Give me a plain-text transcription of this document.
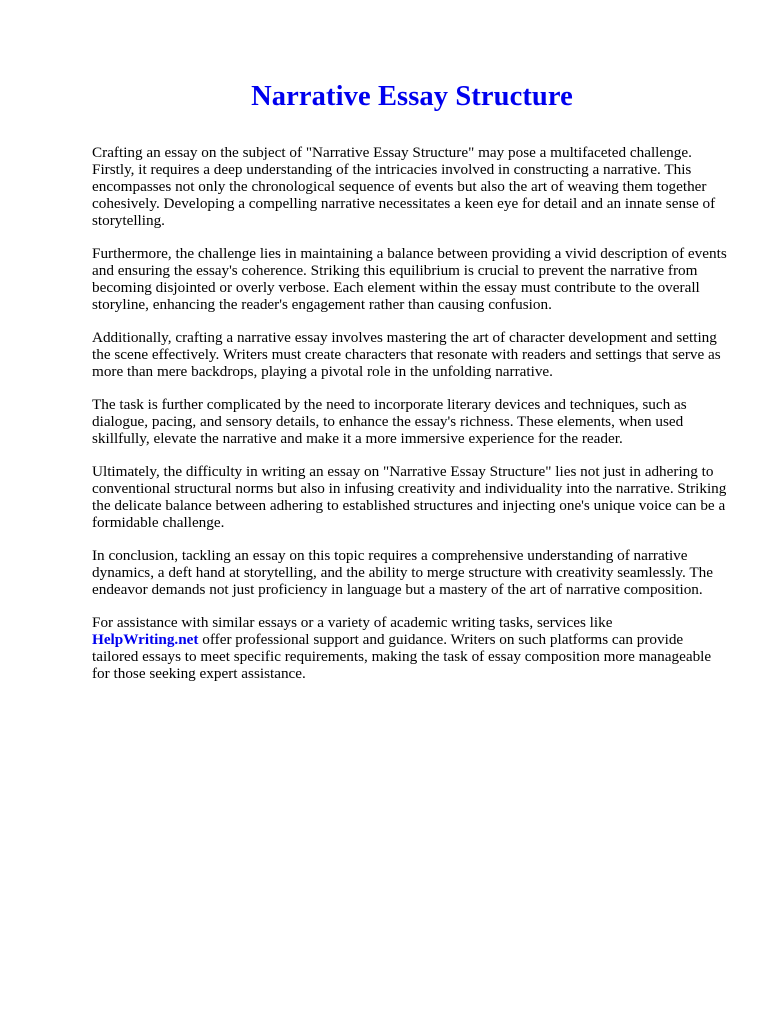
Narrative Essay Structure

Crafting an essay on the subject of "Narrative Essay Structure" may pose a multifaceted challenge. Firstly, it requires a deep understanding of the intricacies involved in constructing a narrative. This encompasses not only the chronological sequence of events but also the art of weaving them together cohesively. Developing a compelling narrative necessitates a keen eye for detail and an innate sense of storytelling.

Furthermore, the challenge lies in maintaining a balance between providing a vivid description of events and ensuring the essay's coherence. Striking this equilibrium is crucial to prevent the narrative from becoming disjointed or overly verbose. Each element within the essay must contribute to the overall storyline, enhancing the reader's engagement rather than causing confusion.

Additionally, crafting a narrative essay involves mastering the art of character development and setting the scene effectively. Writers must create characters that resonate with readers and settings that serve as more than mere backdrops, playing a pivotal role in the unfolding narrative.

The task is further complicated by the need to incorporate literary devices and techniques, such as dialogue, pacing, and sensory details, to enhance the essay's richness. These elements, when used skillfully, elevate the narrative and make it a more immersive experience for the reader.

Ultimately, the difficulty in writing an essay on "Narrative Essay Structure" lies not just in adhering to conventional structural norms but also in infusing creativity and individuality into the narrative. Striking the delicate balance between adhering to established structures and injecting one's unique voice can be a formidable challenge.

In conclusion, tackling an essay on this topic requires a comprehensive understanding of narrative dynamics, a deft hand at storytelling, and the ability to merge structure with creativity seamlessly. The endeavor demands not just proficiency in language but a mastery of the art of narrative composition.

For assistance with similar essays or a variety of academic writing tasks, services like
HelpWriting.net offer professional support and guidance. Writers on such platforms can provide tailored essays to meet specific requirements, making the task of essay composition more manageable for those seeking expert assistance.
